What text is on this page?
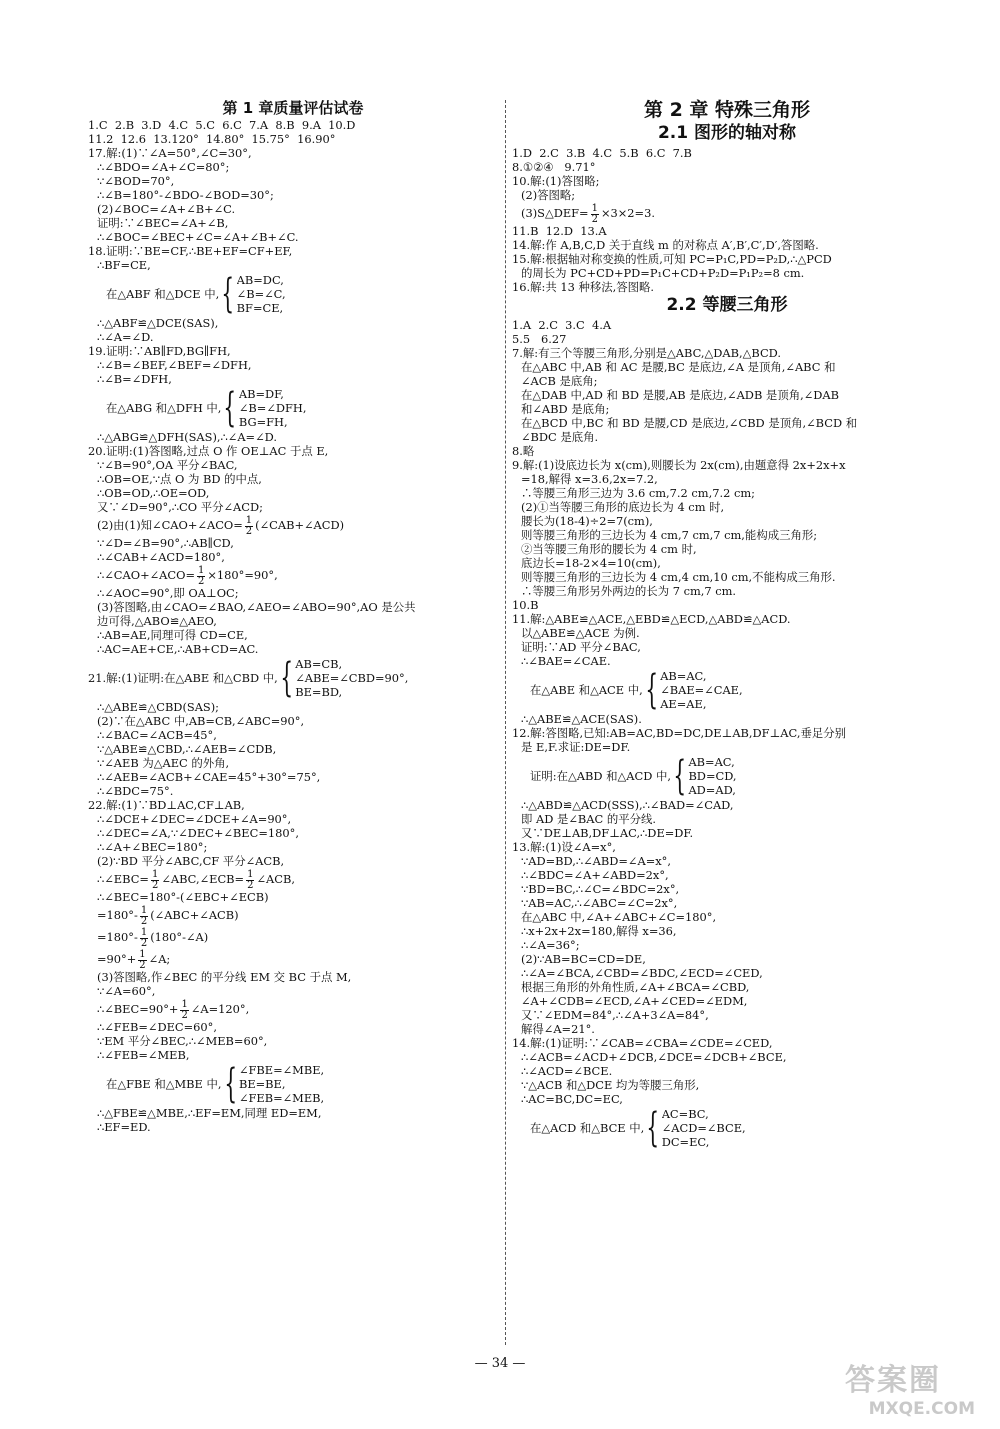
第 1 章质量评估试卷
1.C  2.B  3.D  4.C  5.C  6.C  7.A  8.B  9.A  10.D
11.2  12.6  13.120°  14.80°  15.75°  16.90°
17.解:(1)∵∠A=50°,∠C=30°,
∴∠BDO=∠A+∠C=80°;
∵∠BOD=70°,
∴∠B=180°-∠BDO-∠BOD=30°;
(2)∠BOC=∠A+∠B+∠C.
证明:∵∠BEC=∠A+∠B,
∴∠BOC=∠BEC+∠C=∠A+∠B+∠C.
18.证明:∵BE=CF,∴BE+EF=CF+EF,
∴BF=CE,
在△ABF 和△DCE 中, { AB=DC,
∠B=∠C,
BF=CE,
∴△ABF≌△DCE(SAS),
∴∠A=∠D.
19.证明:∵AB∥FD,BG∥FH,
∴∠B=∠BEF,∠BEF=∠DFH,
∴∠B=∠DFH,
在△ABG 和△DFH 中, { AB=DF,
∠B=∠DFH,
BG=FH,
∴△ABG≌△DFH(SAS),∴∠A=∠D.
20.证明:(1)答图略,过点 O 作 OE⊥AC 于点 E,
∵∠B=90°,OA 平分∠BAC,
∴OB=OE,∵点 O 为 BD 的中点,
∴OB=OD,∴OE=OD,
又∵∠D=90°,∴CO 平分∠ACD;
(2)由(1)知∠CAO+∠ACO= $\frac{1}{2}$ (∠CAB+∠ACD)
∵∠D=∠B=90°,∴AB∥CD,
∴∠CAB+∠ACD=180°,
∴∠CAO+∠ACO= $\frac{1}{2} \times 180^\circ=90^\circ$,
∴∠AOC=90°,即 OA⊥OC;
(3)答图略,由∠CAO=∠BAO,∠AEO=∠ABO=90°,AO 是公共
边可得,△ABO≌△AEO,
∴AB=AE,同理可得 CD=CE,
∴AC=AE+CE,∴AB+CD=AC.
21.解:(1)证明:在△ABE 和△CBD 中, { AB=CB,
∠ABE=∠CBD=90°,
BE=BD,
∴△ABE≌△CBD(SAS);
(2)∵在△ABC 中,AB=CB,∠ABC=90°,
∴∠BAC=∠ACB=45°,
∵△ABE≌△CBD,∴∠AEB=∠CDB,
∵∠AEB 为△AEC 的外角,
∴∠AEB=∠ACB+∠CAE=45°+30°=75°,
∴∠BDC=75°.
22.解:(1)∵BD⊥AC,CF⊥AB,
∴∠DCE+∠DEC=∠DCE+∠A=90°,
∴∠DEC=∠A,∵∠DEC+∠BEC=180°,
∴∠A+∠BEC=180°;
(2)∵BD 平分∠ABC,CF 平分∠ACB,
∴∠EBC= $\frac{1}{2}$ ∠ABC,∠ECB= $\frac{1}{2}$ ∠ACB,
∴∠BEC=180°-(∠EBC+∠ECB)
$=180^\circ- \frac{1}{2}$ (∠ABC+∠ACB)
$=180^\circ- \frac{1}{2}$ (180°-∠A)
$=90^\circ+ \frac{1}{2}$ ∠A;
(3)答图略,作∠BEC 的平分线 EM 交 BC 于点 M,
∵∠A=60°,
∴∠BEC=90°+ $\frac{1}{2}$ ∠A=120°,
∴∠FEB=∠DEC=60°,
∵EM 平分∠BEC,∴∠MEB=60°,
∴∠FEB=∠MEB,
在△FBE 和△MBE 中, { ∠FBE=∠MBE,
BE=BE,
∠FEB=∠MEB,
∴△FBE≌△MBE,∴EF=EM,同理 ED=EM,
∴EF=ED.
第 2 章 特殊三角形
2.1 图形的轴对称
1.D  2.C  3.B  4.C  5.B  6.C  7.B
8.①②④   9.71°
10.解:(1)答图略;
(2)答图略;
(3)S△DEF= $\frac{1}{2} \times 3\times 2=3$.
11.B  12.D  13.A
14.解:作 A,B,C,D 关于直线 m 的对称点 A′,B′,C′,D′,答图略.
15.解:根据轴对称变换的性质,可知 PC=P₁C,PD=P₂D,∴△PCD
的周长为 PC+CD+PD=P₁C+CD+P₂D=P₁P₂=8 cm.
16.解:共 13 种移法,答图略.
2.2 等腰三角形
1.A  2.C  3.C  4.A
5.5   6.27
7.解:有三个等腰三角形,分别是△ABC,△DAB,△BCD.
在△ABC 中,AB 和 AC 是腰,BC 是底边,∠A 是顶角,∠ABC 和
∠ACB 是底角;
在△DAB 中,AD 和 BD 是腰,AB 是底边,∠ADB 是顶角,∠DAB
和∠ABD 是底角;
在△BCD 中,BC 和 BD 是腰,CD 是底边,∠CBD 是顶角,∠BCD 和
∠BDC 是底角.
8.略
9.解:(1)设底边长为 x(cm),则腰长为 2x(cm),由题意得 2x+2x+x
=18,解得 x=3.6,2x=7.2,
∴等腰三角形三边为 3.6 cm,7.2 cm,7.2 cm;
(2)①当等腰三角形的底边长为 4 cm 时,
腰长为(18-4)÷2=7(cm),
则等腰三角形的三边长为 4 cm,7 cm,7 cm,能构成三角形;
②当等腰三角形的腰长为 4 cm 时,
底边长=18-2×4=10(cm),
则等腰三角形的三边长为 4 cm,4 cm,10 cm,不能构成三角形.
∴等腰三角形另外两边的长为 7 cm,7 cm.
10.B
11.解:△ABE≌△ACE,△EBD≌△ECD,△ABD≌△ACD.
以△ABE≌△ACE 为例.
证明:∵AD 平分∠BAC,
∴∠BAE=∠CAE.
在△ABE 和△ACE 中, { AB=AC,
∠BAE=∠CAE,
AE=AE,
∴△ABE≌△ACE(SAS).
12.解:答图略,已知:AB=AC,BD=DC,DE⊥AB,DF⊥AC,垂足分别
是 E,F.求证:DE=DF.
证明:在△ABD 和△ACD 中, { AB=AC,
BD=CD,
AD=AD,
∴△ABD≌△ACD(SSS),∴∠BAD=∠CAD,
即 AD 是∠BAC 的平分线.
又∵DE⊥AB,DF⊥AC,∴DE=DF.
13.解:(1)设∠A=x°,
∵AD=BD,∴∠ABD=∠A=x°,
∴∠BDC=∠A+∠ABD=2x°,
∵BD=BC,∴∠C=∠BDC=2x°,
∵AB=AC,∴∠ABC=∠C=2x°,
在△ABC 中,∠A+∠ABC+∠C=180°,
∴x+2x+2x=180,解得 x=36,
∴∠A=36°;
(2)∵AB=BC=CD=DE,
∴∠A=∠BCA,∠CBD=∠BDC,∠ECD=∠CED,
根据三角形的外角性质,∠A+∠BCA=∠CBD,
∠A+∠CDB=∠ECD,∠A+∠CED=∠EDM,
又∵∠EDM=84°,∴∠A+3∠A=84°,
解得∠A=21°.
14.解:(1)证明:∵∠CAB=∠CBA=∠CDE=∠CED,
∴∠ACB=∠ACD+∠DCB,∠DCE=∠DCB+∠BCE,
∴∠ACD=∠BCE.
∵△ACB 和△DCE 均为等腰三角形,
∴AC=BC,DC=EC,
在△ACD 和△BCE 中, { AC=BC,
∠ACD=∠BCE,
DC=EC,
— 34 —	答案圈
MXQE.COM
